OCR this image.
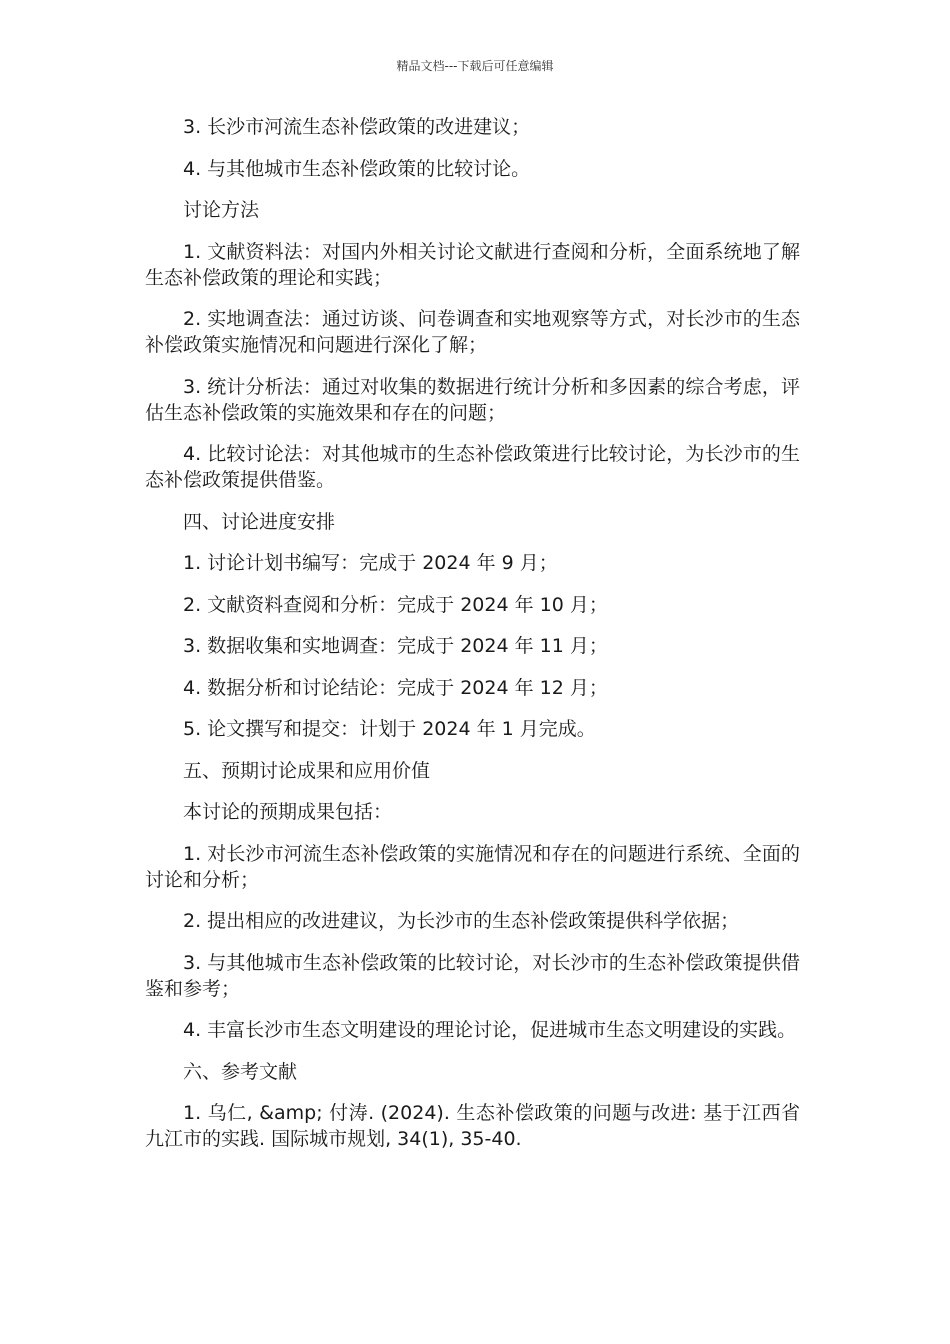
精品文档---下载后可任意编辑

3. 长沙市河流生态补偿政策的改进建议；

4. 与其他城市生态补偿政策的比较讨论。

讨论方法

1. 文献资料法：对国内外相关讨论文献进行查阅和分析，全面系统地了解生态补偿政策的理论和实践；

2. 实地调查法：通过访谈、问卷调查和实地观察等方式，对长沙市的生态补偿政策实施情况和问题进行深化了解；

3. 统计分析法：通过对收集的数据进行统计分析和多因素的综合考虑，评估生态补偿政策的实施效果和存在的问题；

4. 比较讨论法：对其他城市的生态补偿政策进行比较讨论，为长沙市的生态补偿政策提供借鉴。

四、讨论进度安排

1. 讨论计划书编写：完成于 2024 年 9 月；

2. 文献资料查阅和分析：完成于 2024 年 10 月；

3. 数据收集和实地调查：完成于 2024 年 11 月；

4. 数据分析和讨论结论：完成于 2024 年 12 月；

5. 论文撰写和提交：计划于 2024 年 1 月完成。

五、预期讨论成果和应用价值

本讨论的预期成果包括：

1. 对长沙市河流生态补偿政策的实施情况和存在的问题进行系统、全面的讨论和分析；

2. 提出相应的改进建议，为长沙市的生态补偿政策提供科学依据；

3. 与其他城市生态补偿政策的比较讨论，对长沙市的生态补偿政策提供借鉴和参考；

4. 丰富长沙市生态文明建设的理论讨论，促进城市生态文明建设的实践。

六、参考文献

1. 乌仁, &amp; 付涛. (2024). 生态补偿政策的问题与改进: 基于江西省九江市的实践. 国际城市规划, 34(1), 35-40.
